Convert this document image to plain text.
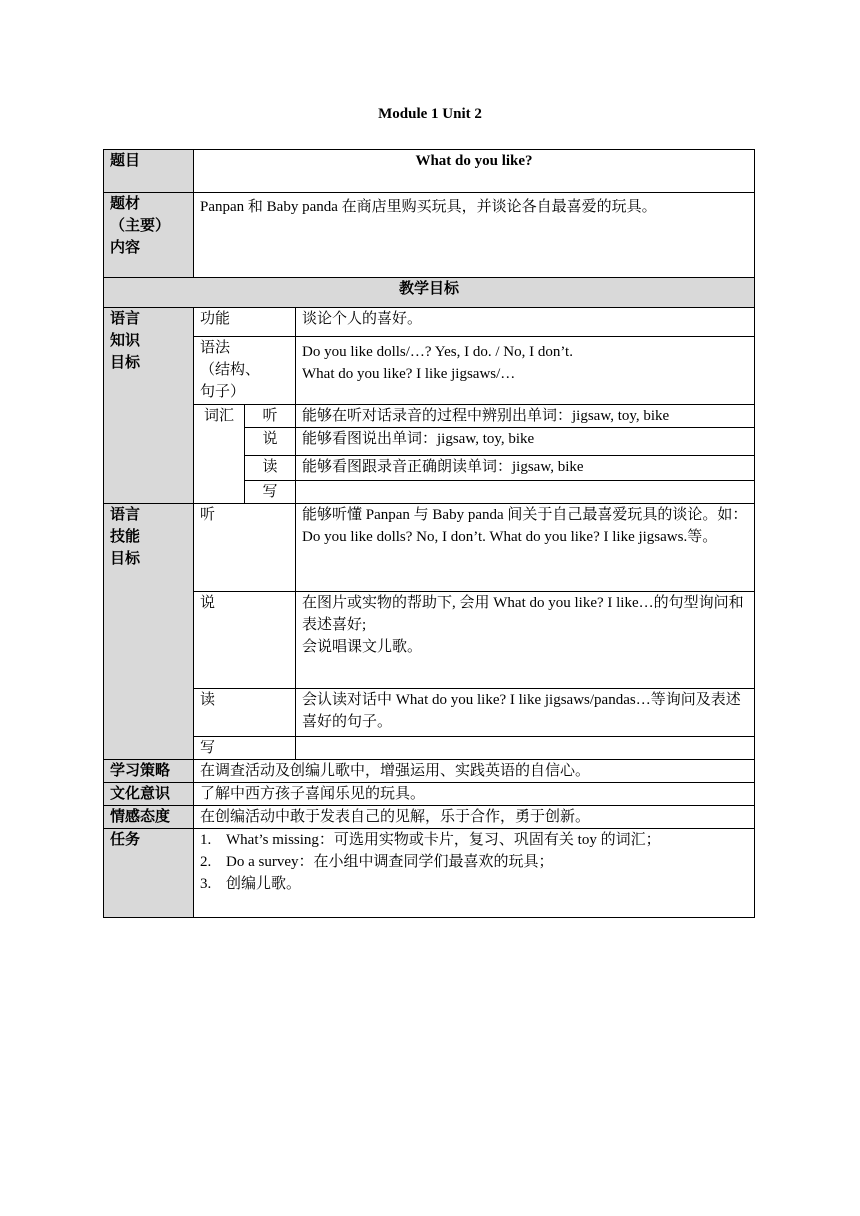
Module 1 Unit 2
题目	What do you like?		

题材
（主要）
内容	Panpan 和 Baby panda 在商店里购买玩具，并谈论各自最喜爱的玩具。		
教学目标			

语言
知识
目标	功能		谈论个人的喜好。

	语法
（结构、
句子）		Do you like dolls/…? Yes, I do. / No, I don’t.
What do you like? I like jigsaws/…

	词汇	听	能够在听对话录音的过程中辨别出单词：jigsaw, toy, bike
		说	能够看图说出单词：jigsaw, toy, bike
		读	能够看图跟录音正确朗读单词：jigsaw, bike
		写	

语言
技能
目标	听		能够听懂 Panpan 与 Baby panda 间关于自己最喜爱玩具的谈论。如：Do you like dolls? No, I don’t. What do you like? I like jigsaws.等。
	说		在图片或实物的帮助下, 会用 What do you like? I like…的句型询问和表述喜好;
会说唱课文儿歌。

	读		会认读对话中 What do you like? I like jigsaws/pandas…等询问及表述喜好的句子。
	写		
学习策略	在调查活动及创编儿歌中，增强运用、实践英语的自信心。		
文化意识	了解中西方孩子喜闻乐见的玩具。		
情感态度	在创编活动中敢于发表自己的见解，乐于合作，勇于创新。		
任务	1. What’s missing：可选用实物或卡片，复习、巩固有关 toy 的词汇；
2. Do a survey：在小组中调查同学们最喜欢的玩具；
3. 创编儿歌。		
